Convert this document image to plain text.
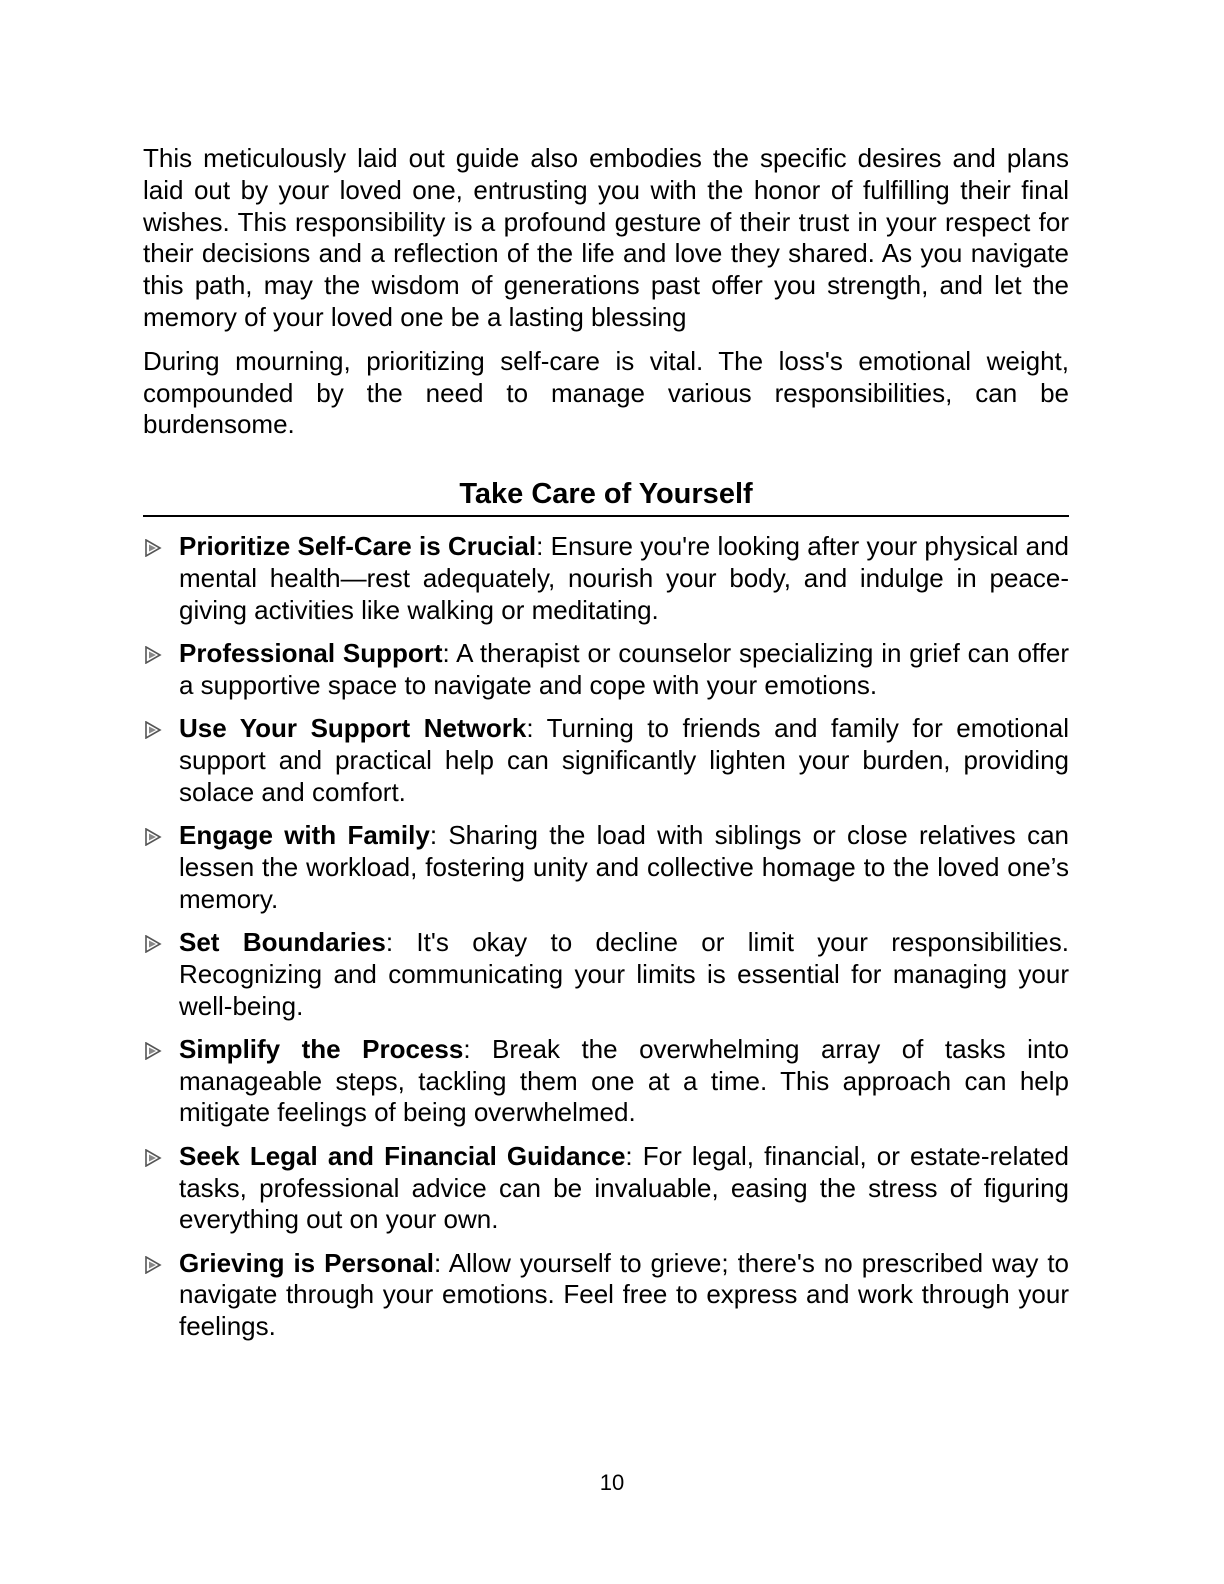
This meticulously laid out guide also embodies the specific desires and plans laid out by your loved one, entrusting you with the honor of fulfilling their final wishes. This responsibility is a profound gesture of their trust in your respect for their decisions and a reflection of the life and love they shared. As you navigate this path, may the wisdom of generations past offer you strength, and let the memory of your loved one be a lasting blessing

During mourning, prioritizing self-care is vital. The loss's emotional weight, compounded by the need to manage various responsibilities, can be burdensome.

Take Care of Yourself
Prioritize Self-Care is Crucial: Ensure you're looking after your physical and mental health—rest adequately, nourish your body, and indulge in peace-giving activities like walking or meditating.
Professional Support: A therapist or counselor specializing in grief can offer a supportive space to navigate and cope with your emotions.
Use Your Support Network: Turning to friends and family for emotional support and practical help can significantly lighten your burden, providing solace and comfort.
Engage with Family: Sharing the load with siblings or close relatives can lessen the workload, fostering unity and collective homage to the loved one’s memory.
Set Boundaries: It's okay to decline or limit your responsibilities. Recognizing and communicating your limits is essential for managing your well-being.
Simplify the Process: Break the overwhelming array of tasks into manageable steps, tackling them one at a time. This approach can help mitigate feelings of being overwhelmed.
Seek Legal and Financial Guidance: For legal, financial, or estate-related tasks, professional advice can be invaluable, easing the stress of figuring everything out on your own.
Grieving is Personal: Allow yourself to grieve; there's no prescribed way to navigate through your emotions. Feel free to express and work through your feelings.
10
